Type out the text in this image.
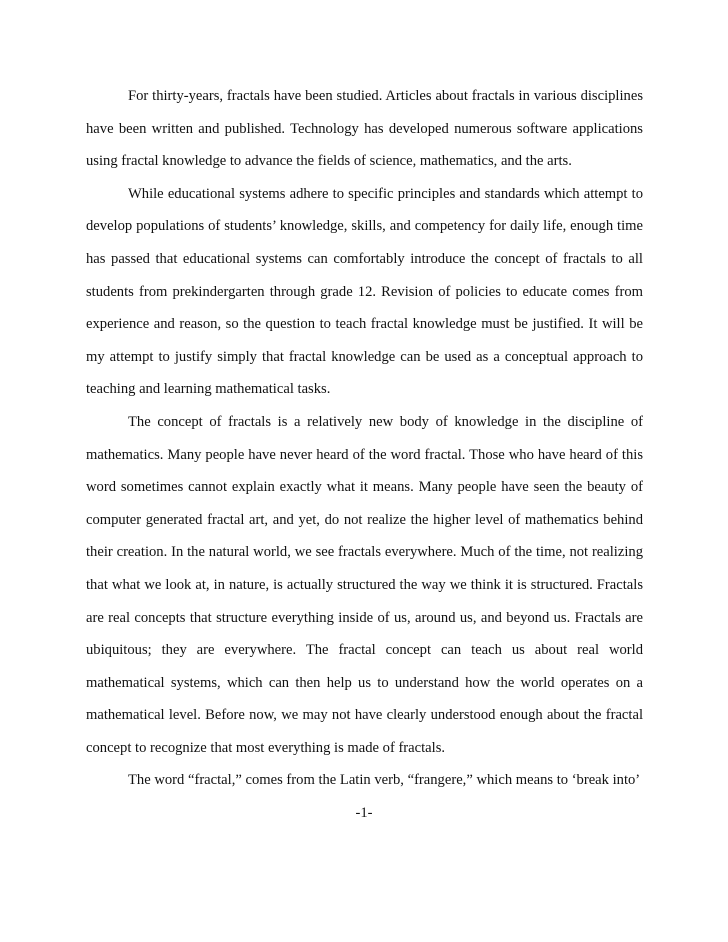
For thirty-years, fractals have been studied. Articles about fractals in various disciplines have been written and published. Technology has developed numerous software applications using fractal knowledge to advance the fields of science, mathematics, and the arts.

While educational systems adhere to specific principles and standards which attempt to develop populations of students’ knowledge, skills, and competency for daily life, enough time has passed that educational systems can comfortably introduce the concept of fractals to all students from prekindergarten through grade 12. Revision of policies to educate comes from experience and reason, so the question to teach fractal knowledge must be justified. It will be my attempt to justify simply that fractal knowledge can be used as a conceptual approach to teaching and learning mathematical tasks.

The concept of fractals is a relatively new body of knowledge in the discipline of mathematics. Many people have never heard of the word fractal. Those who have heard of this word sometimes cannot explain exactly what it means. Many people have seen the beauty of computer generated fractal art, and yet, do not realize the higher level of mathematics behind their creation. In the natural world, we see fractals everywhere. Much of the time, not realizing that what we look at, in nature, is actually structured the way we think it is structured. Fractals are real concepts that structure everything inside of us, around us, and beyond us. Fractals are ubiquitous; they are everywhere. The fractal concept can teach us about real world mathematical systems, which can then help us to understand how the world operates on a mathematical level. Before now, we may not have clearly understood enough about the fractal concept to recognize that most everything is made of fractals.

The word “fractal,” comes from the Latin verb, “frangere,” which means to ‘break into’

-1-
